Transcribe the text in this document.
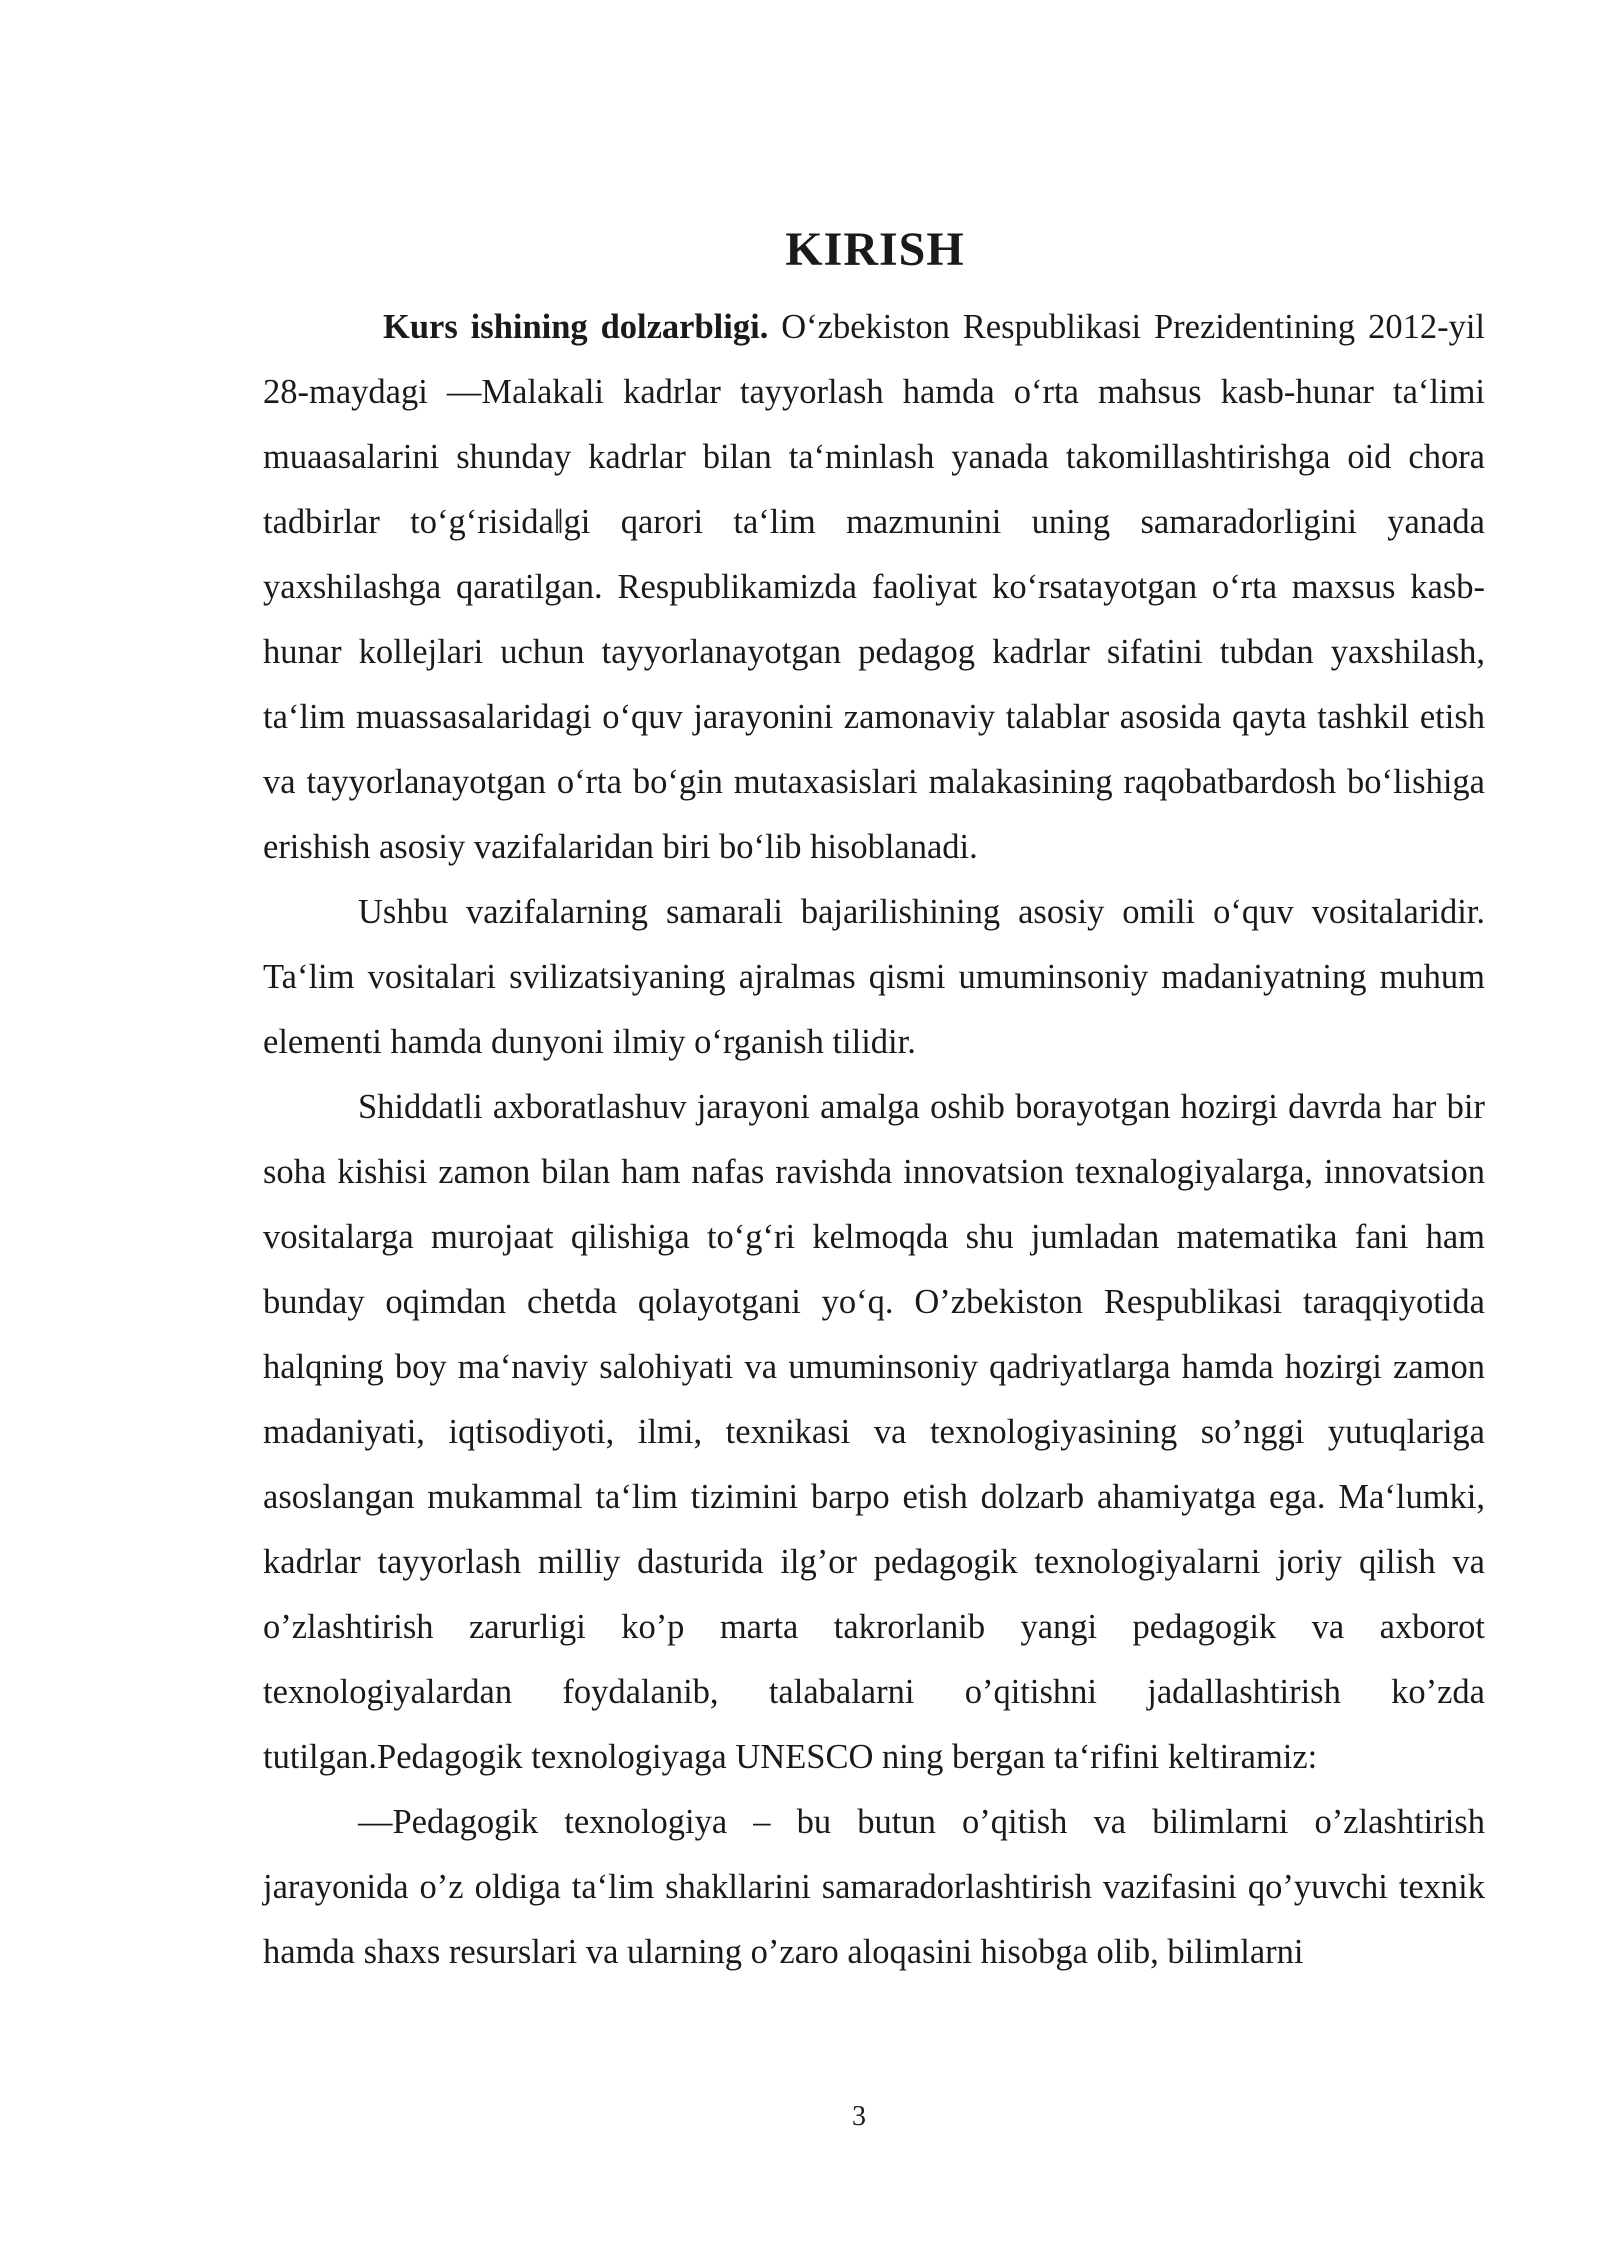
KIRISH

Kurs ishining dolzarbligi. O‘zbekiston Respublikasi Prezidentining 2012-yil 28-maydagi ―Malakali kadrlar tayyorlash hamda o‘rta mahsus kasb-hunar ta‘limi muaasalarini shunday kadrlar bilan ta‘minlash yanada takomillashtirishga oid chora tadbirlar to‘g‘risida‖gi qarori ta‘lim mazmunini uning samaradorligini yanada yaxshilashga qaratilgan. Respublikamizda faoliyat ko‘rsatayotgan o‘rta maxsus kasb-hunar kollejlari uchun tayyorlanayotgan pedagog kadrlar sifatini tubdan yaxshilash, ta‘lim muassasalaridagi o‘quv jarayonini zamonaviy talablar asosida qayta tashkil etish va tayyorlanayotgan o‘rta bo‘gin mutaxasislari malakasining raqobatbardosh bo‘lishiga erishish asosiy vazifalaridan biri bo‘lib hisoblanadi.

Ushbu vazifalarning samarali bajarilishining asosiy omili o‘quv vositalaridir. Ta‘lim vositalari svilizatsiyaning ajralmas qismi umuminsoniy madaniyatning muhum elementi hamda dunyoni ilmiy o‘rganish tilidir.

Shiddatli axboratlashuv jarayoni amalga oshib borayotgan hozirgi davrda har bir soha kishisi zamon bilan ham nafas ravishda innovatsion texnalogiyalarga, innovatsion vositalarga murojaat qilishiga to‘g‘ri kelmoqda shu jumladan matematika fani ham bunday oqimdan chetda qolayotgani yo‘q. O’zbekiston Respublikasi taraqqiyotida halqning boy ma‘naviy salohiyati va umuminsoniy qadriyatlarga hamda hozirgi zamon madaniyati, iqtisodiyoti, ilmi, texnikasi va texnologiyasining so’nggi yutuqlariga asoslangan mukammal ta‘lim tizimini barpo etish dolzarb ahamiyatga ega. Ma‘lumki, kadrlar tayyorlash milliy dasturida ilg’or pedagogik texnologiyalarni joriy qilish va o’zlashtirish zarurligi ko’p marta takrorlanib yangi pedagogik va axborot texnologiyalardan foydalanib, talabalarni o’qitishni jadallashtirish ko’zda tutilgan.Pedagogik texnologiyaga UNESCO ning bergan ta‘rifini keltiramiz:

―Pedagogik texnologiya – bu butun o’qitish va bilimlarni o’zlashtirish jarayonida o’z oldiga ta‘lim shakllarini samaradorlashtirish vazifasini qo’yuvchi texnik hamda shaxs resurslari va ularning o’zaro aloqasini hisobga olib, bilimlarni

3
